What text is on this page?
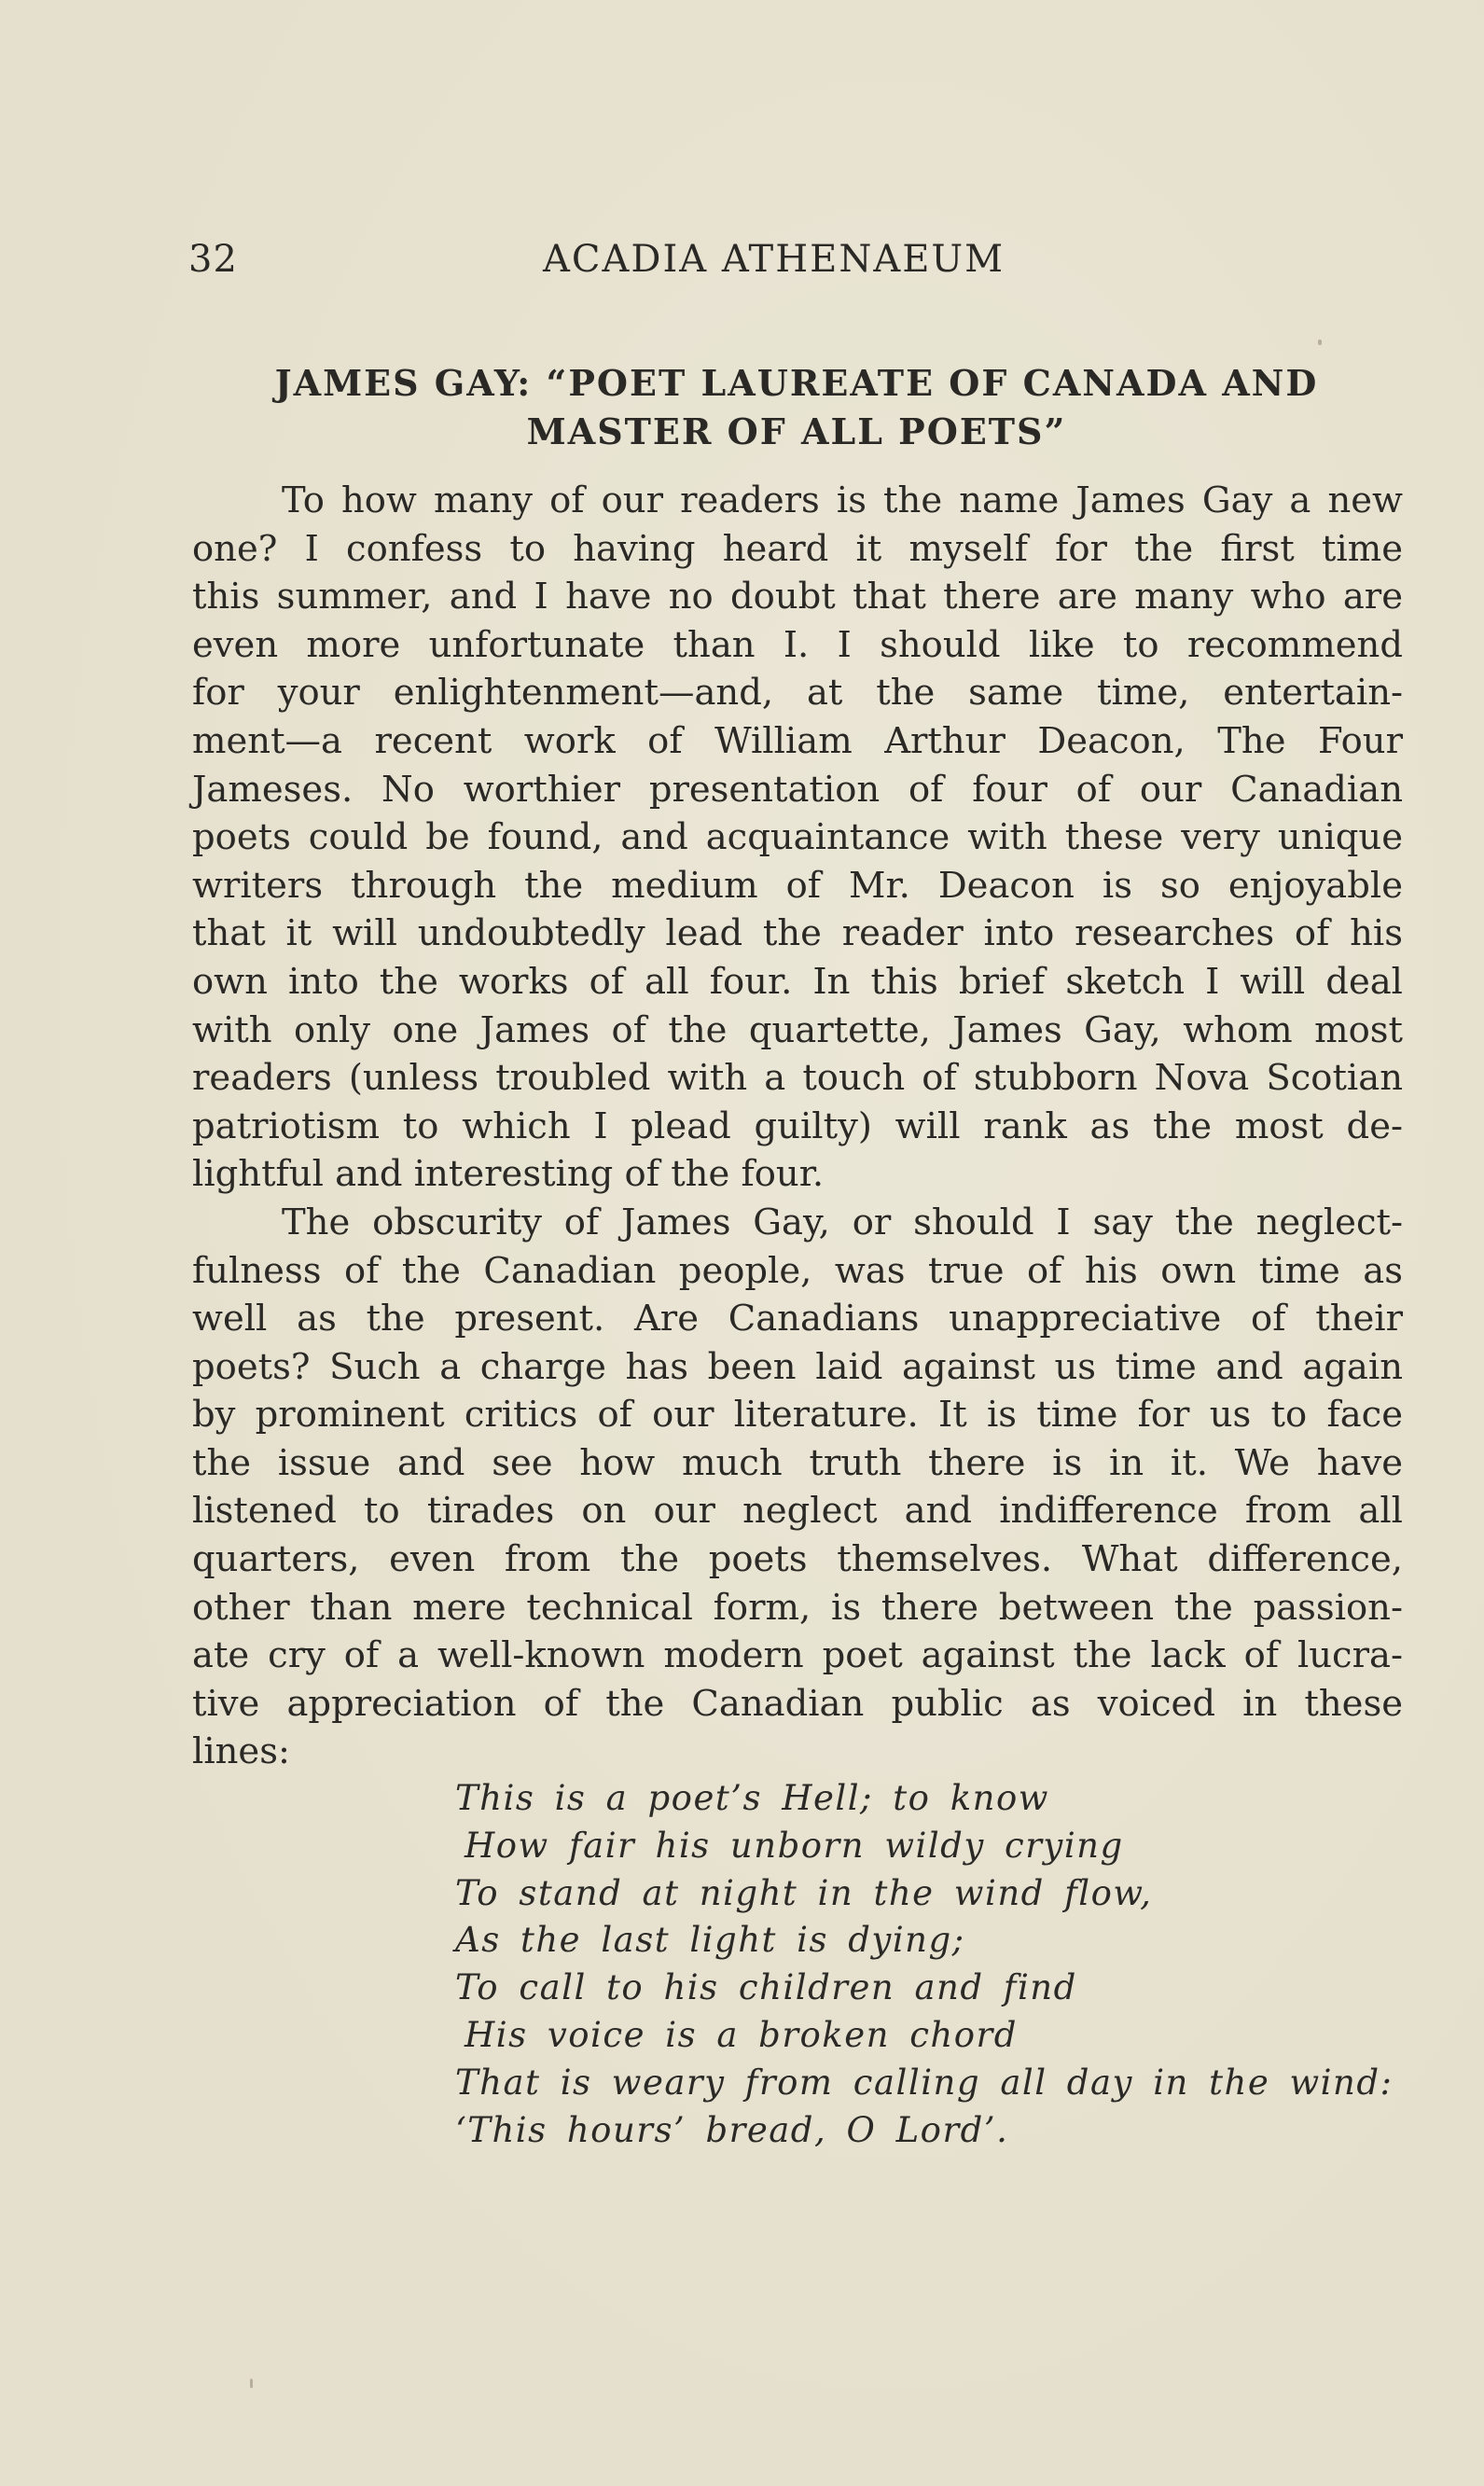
32	ACADIA ATHENAEUM
JAMES GAY: “POET LAUREATE OF CANADA AND
MASTER OF ALL POETS”
To how many of our readers is the name James Gay a new
one? I confess to having heard it myself for the first time
this summer, and I have no doubt that there are many who are
even more unfortunate than I. I should like to recommend
for your enlightenment—and, at the same time, entertain-
ment—a recent work of William Arthur Deacon, The Four
Jameses. No worthier presentation of four of our Canadian
poets could be found, and acquaintance with these very unique
writers through the medium of Mr. Deacon is so enjoyable
that it will undoubtedly lead the reader into researches of his
own into the works of all four. In this brief sketch I will deal
with only one James of the quartette, James Gay, whom most
readers (unless troubled with a touch of stubborn Nova Scotian
patriotism to which I plead guilty) will rank as the most de-
lightful and interesting of the four.
The obscurity of James Gay, or should I say the neglect-
fulness of the Canadian people, was true of his own time as
well as the present. Are Canadians unappreciative of their
poets? Such a charge has been laid against us time and again
by prominent critics of our literature. It is time for us to face
the issue and see how much truth there is in it. We have
listened to tirades on our neglect and indifference from all
quarters, even from the poets themselves. What difference,
other than mere technical form, is there between the passion-
ate cry of a well-known modern poet against the lack of lucra-
tive appreciation of the Canadian public as voiced in these
lines:
This is a poet’s Hell; to know
How fair his unborn wildy crying
To stand at night in the wind flow,
As the last light is dying;
To call to his children and find
His voice is a broken chord
That is weary from calling all day in the wind:
‘This hours’ bread, O Lord’.
